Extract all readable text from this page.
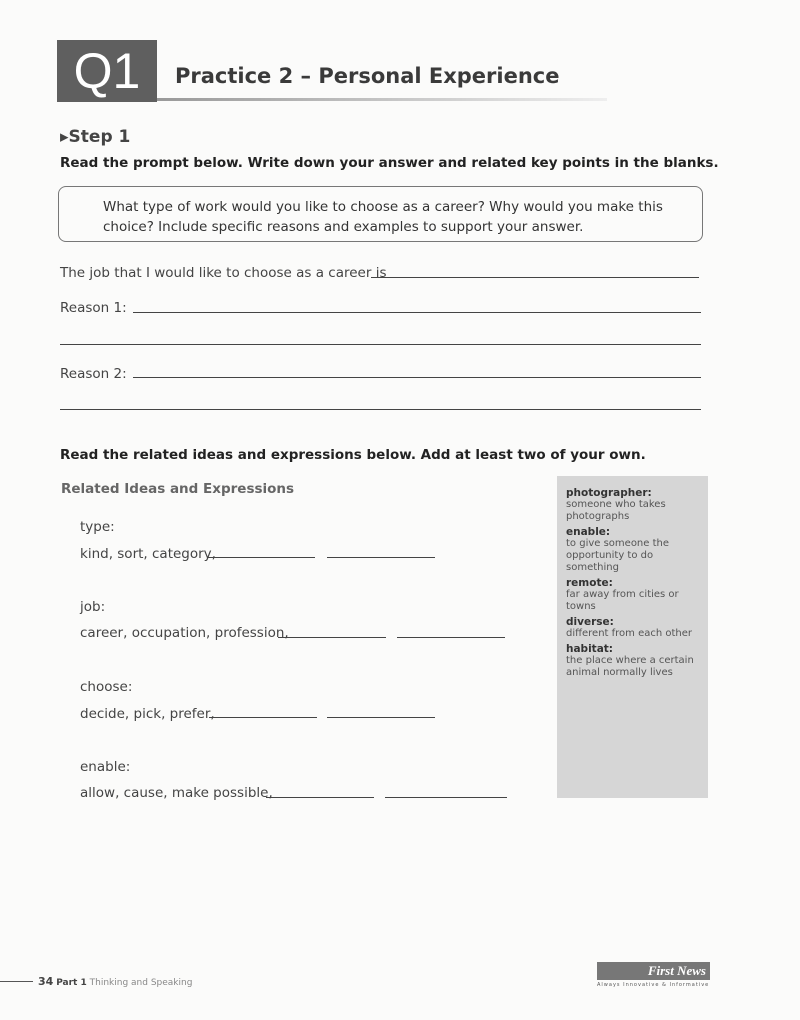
Q1	Practice 2 – Personal Experience
▸Step 1
Read the prompt below. Write down your answer and related key points in the blanks.
What type of work would you like to choose as a career? Why would you make this choice? Include specific reasons and examples to support your answer.
The job that I would like to choose as a career is
Reason 1:
Reason 2:
Read the related ideas and expressions below. Add at least two of your own.
Related Ideas and Expressions
type:
kind, sort, category,
job:
career, occupation, profession,
choose:
decide, pick, prefer,
enable:
allow, cause, make possible,
photographer:
someone who takes photographs
enable:
to give someone the opportunity to do something
remote:
far away from cities or towns
diverse:
different from each other
habitat:
the place where a certain animal normally lives
34 Part 1 Thinking and Speaking
First News
Always Innovative & Informative
